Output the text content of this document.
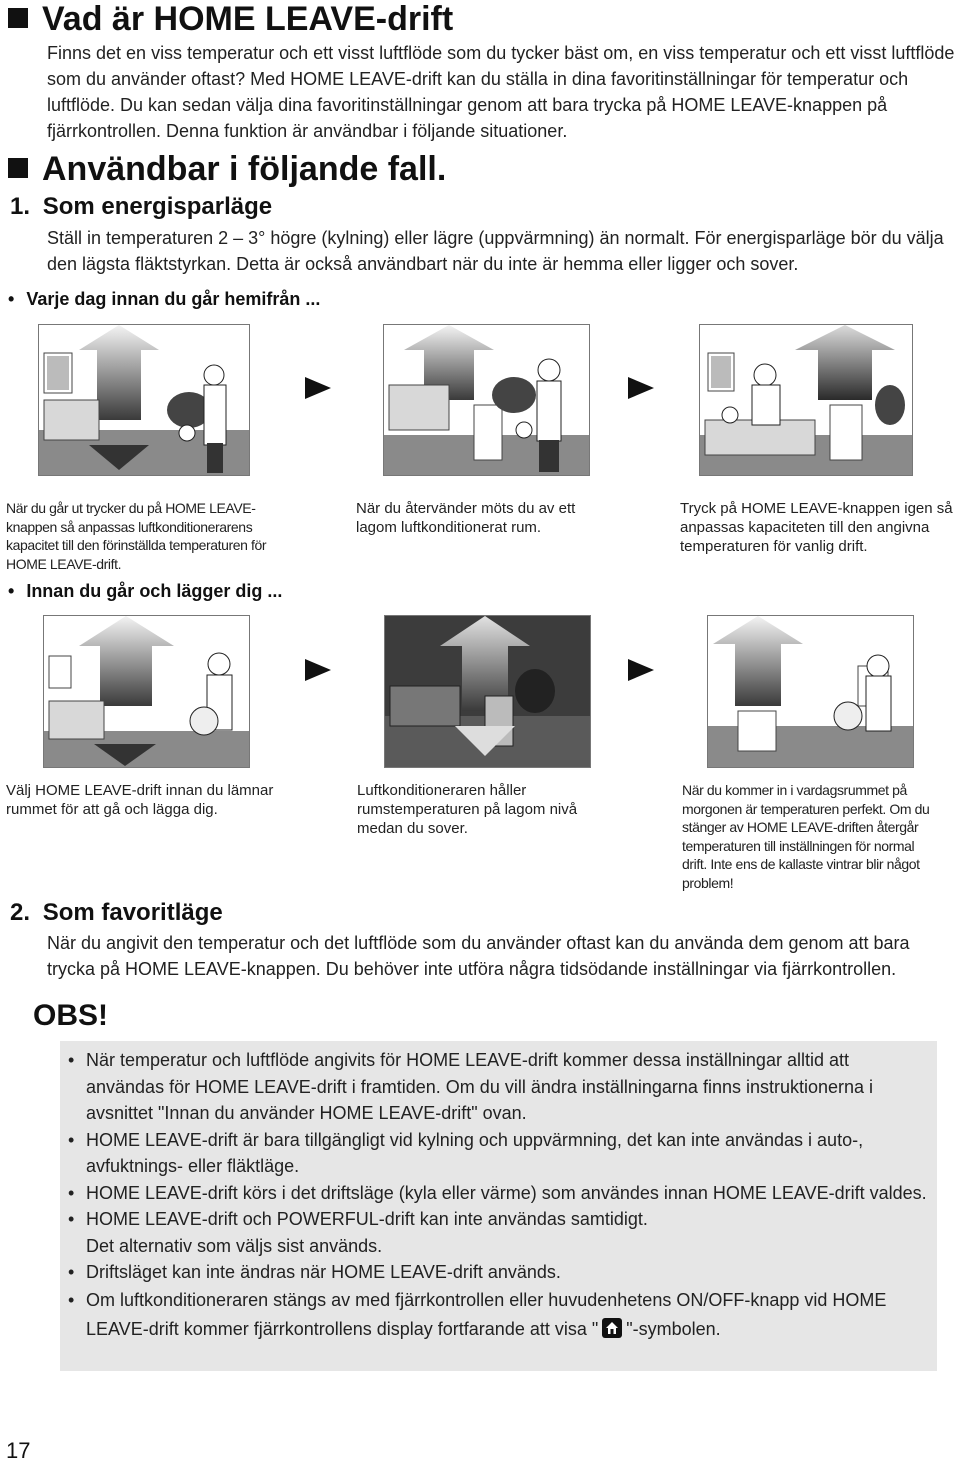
Vad är HOME LEAVE-drift
Finns det en viss temperatur och ett visst luftflöde som du tycker bäst om, en viss temperatur och ett visst luftflöde som du använder oftast? Med HOME LEAVE-drift kan du ställa in dina favoritinställningar för temperatur och luftflöde. Du kan sedan välja dina favoritinställningar genom att bara trycka på HOME LEAVE-knappen på fjärrkontrollen. Denna funktion är användbar i följande situationer.
Användbar i följande fall.
1. Som energisparläge
Ställ in temperaturen 2 – 3° högre (kylning) eller lägre (uppvärmning) än normalt. För energisparläge bör du välja den lägsta fläktstyrkan. Detta är också användbart när du inte är hemma eller ligger och sover.
• Varje dag innan du går hemifrån ...
När du går ut trycker du på HOME LEAVE-knappen så anpassas luftkonditionerarens kapacitet till den förinställda temperaturen för HOME LEAVE-drift.
När du återvänder möts du av ett lagom luftkonditionerat rum.
Tryck på HOME LEAVE-knappen igen så anpassas kapaciteten till den angivna temperaturen för vanlig drift.
• Innan du går och lägger dig ...
Välj HOME LEAVE-drift innan du lämnar rummet för att gå och lägga dig.
Luftkonditioneraren håller rumstemperaturen på lagom nivå medan du sover.
När du kommer in i vardagsrummet på morgonen är temperaturen perfekt. Om du stänger av HOME LEAVE-driften återgår temperaturen till inställningen för normal drift. Inte ens de kallaste vintrar blir något problem!
2. Som favoritläge
När du angivit den temperatur och det luftflöde som du använder oftast kan du använda dem genom att bara trycka på HOME LEAVE-knappen. Du behöver inte utföra några tidsödande inställningar via fjärrkontrollen.
OBS!
• När temperatur och luftflöde angivits för HOME LEAVE-drift kommer dessa inställningar alltid att användas för HOME LEAVE-drift i framtiden. Om du vill ändra inställningarna finns instruktionerna i avsnittet "Innan du använder HOME LEAVE-drift" ovan.
• HOME LEAVE-drift är bara tillgängligt vid kylning och uppvärmning, det kan inte användas i auto-, avfuktnings- eller fläktläge.
• HOME LEAVE-drift körs i det driftsläge (kyla eller värme) som användes innan HOME LEAVE-drift valdes.
• HOME LEAVE-drift och POWERFUL-drift kan inte användas samtidigt.
Det alternativ som väljs sist används.
• Driftsläget kan inte ändras när HOME LEAVE-drift används.
• Om luftkonditioneraren stängs av med fjärrkontrollen eller huvudenhetens ON/OFF-knapp vid HOME LEAVE-drift kommer fjärrkontrollens display fortfarande att visa " "-symbolen.
17
